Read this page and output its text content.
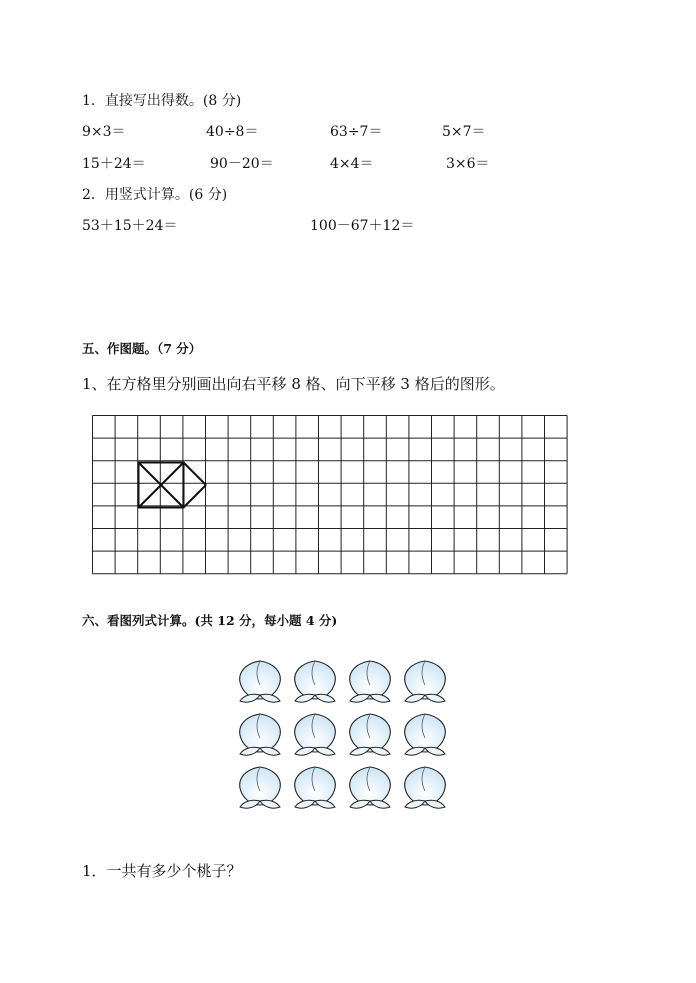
1．直接写出得数。(8 分)
9×3＝	40÷8＝	63÷7＝	5×7＝
15＋24＝	90－20＝	4×4＝	3×6＝
2．用竖式计算。(6 分)
53＋15＋24＝	100－67＋12＝
五、作图题。（7 分）
1、在方格里分别画出向右平移 8 格、向下平移 3 格后的图形。
六、看图列式计算。(共 12 分，每小题 4 分)
1．一共有多少个桃子？
